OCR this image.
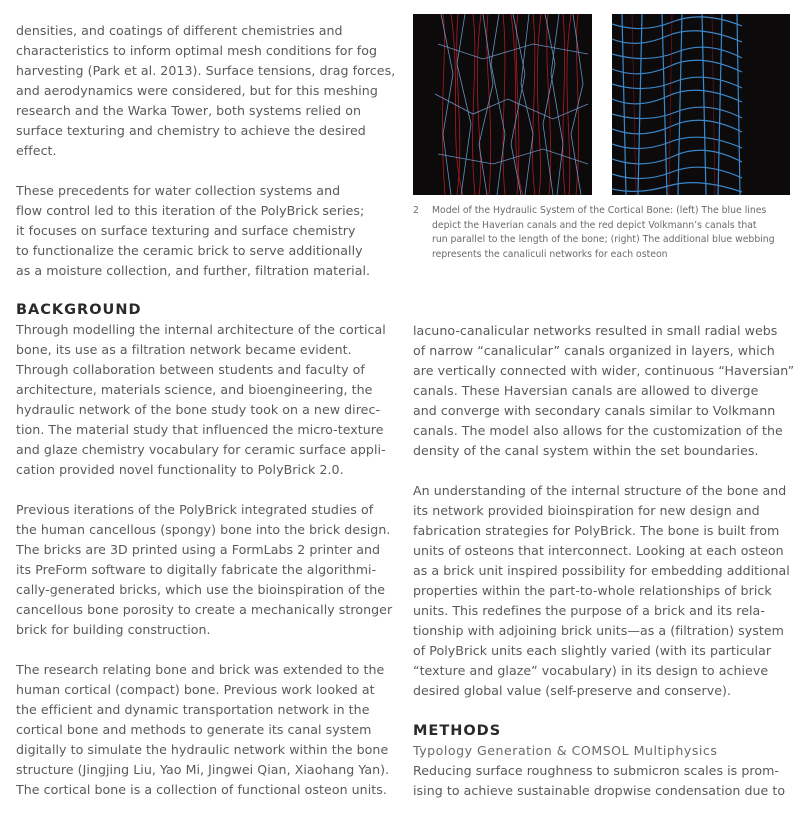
densities, and coatings of different chemistries and
characteristics to inform optimal mesh conditions for fog
harvesting (Park et al. 2013). Surface tensions, drag forces,
and aerodynamics were considered, but for this meshing
research and the Warka Tower, both systems relied on
surface texturing and chemistry to achieve the desired
effect.
These precedents for water collection systems and
flow control led to this iteration of the PolyBrick series;
it focuses on surface texturing and surface chemistry
to functionalize the ceramic brick to serve additionally
as a moisture collection, and further, filtration material.
BACKGROUND
Through modelling the internal architecture of the cortical
bone, its use as a filtration network became evident.
Through collaboration between students and faculty of
architecture, materials science, and bioengineering, the
hydraulic network of the bone study took on a new direc-
tion. The material study that influenced the micro-texture
and glaze chemistry vocabulary for ceramic surface appli-
cation provided novel functionality to PolyBrick 2.0.
Previous iterations of the PolyBrick integrated studies of
the human cancellous (spongy) bone into the brick design.
The bricks are 3D printed using a FormLabs 2 printer and
its PreForm software to digitally fabricate the algorithmi-
cally-generated bricks, which use the bioinspiration of the
cancellous bone porosity to create a mechanically stronger
brick for building construction.
The research relating bone and brick was extended to the
human cortical (compact) bone. Previous work looked at
the efficient and dynamic transportation network in the
cortical bone and methods to generate its canal system
digitally to simulate the hydraulic network within the bone
structure (Jingjing Liu, Yao Mi, Jingwei Qian, Xiaohang Yan).
The cortical bone is a collection of functional osteon units.
2 Model of the Hydraulic System of the Cortical Bone: (left) The blue lines
depict the Haverian canals and the red depict Volkmann’s canals that
run parallel to the length of the bone; (right) The additional blue webbing
represents the canaliculi networks for each osteon
lacuno-canalicular networks resulted in small radial webs
of narrow “canalicular” canals organized in layers, which
are vertically connected with wider, continuous “Haversian”
canals. These Haversian canals are allowed to diverge
and converge with secondary canals similar to Volkmann
canals. The model also allows for the customization of the
density of the canal system within the set boundaries.
An understanding of the internal structure of the bone and
its network provided bioinspiration for new design and
fabrication strategies for PolyBrick. The bone is built from
units of osteons that interconnect. Looking at each osteon
as a brick unit inspired possibility for embedding additional
properties within the part-to-whole relationships of brick
units. This redefines the purpose of a brick and its rela-
tionship with adjoining brick units—as a (filtration) system
of PolyBrick units each slightly varied (with its particular
“texture and glaze” vocabulary) in its design to achieve
desired global value (self-preserve and conserve).
METHODS
Typology Generation & COMSOL Multiphysics
Reducing surface roughness to submicron scales is prom-
ising to achieve sustainable dropwise condensation due to
